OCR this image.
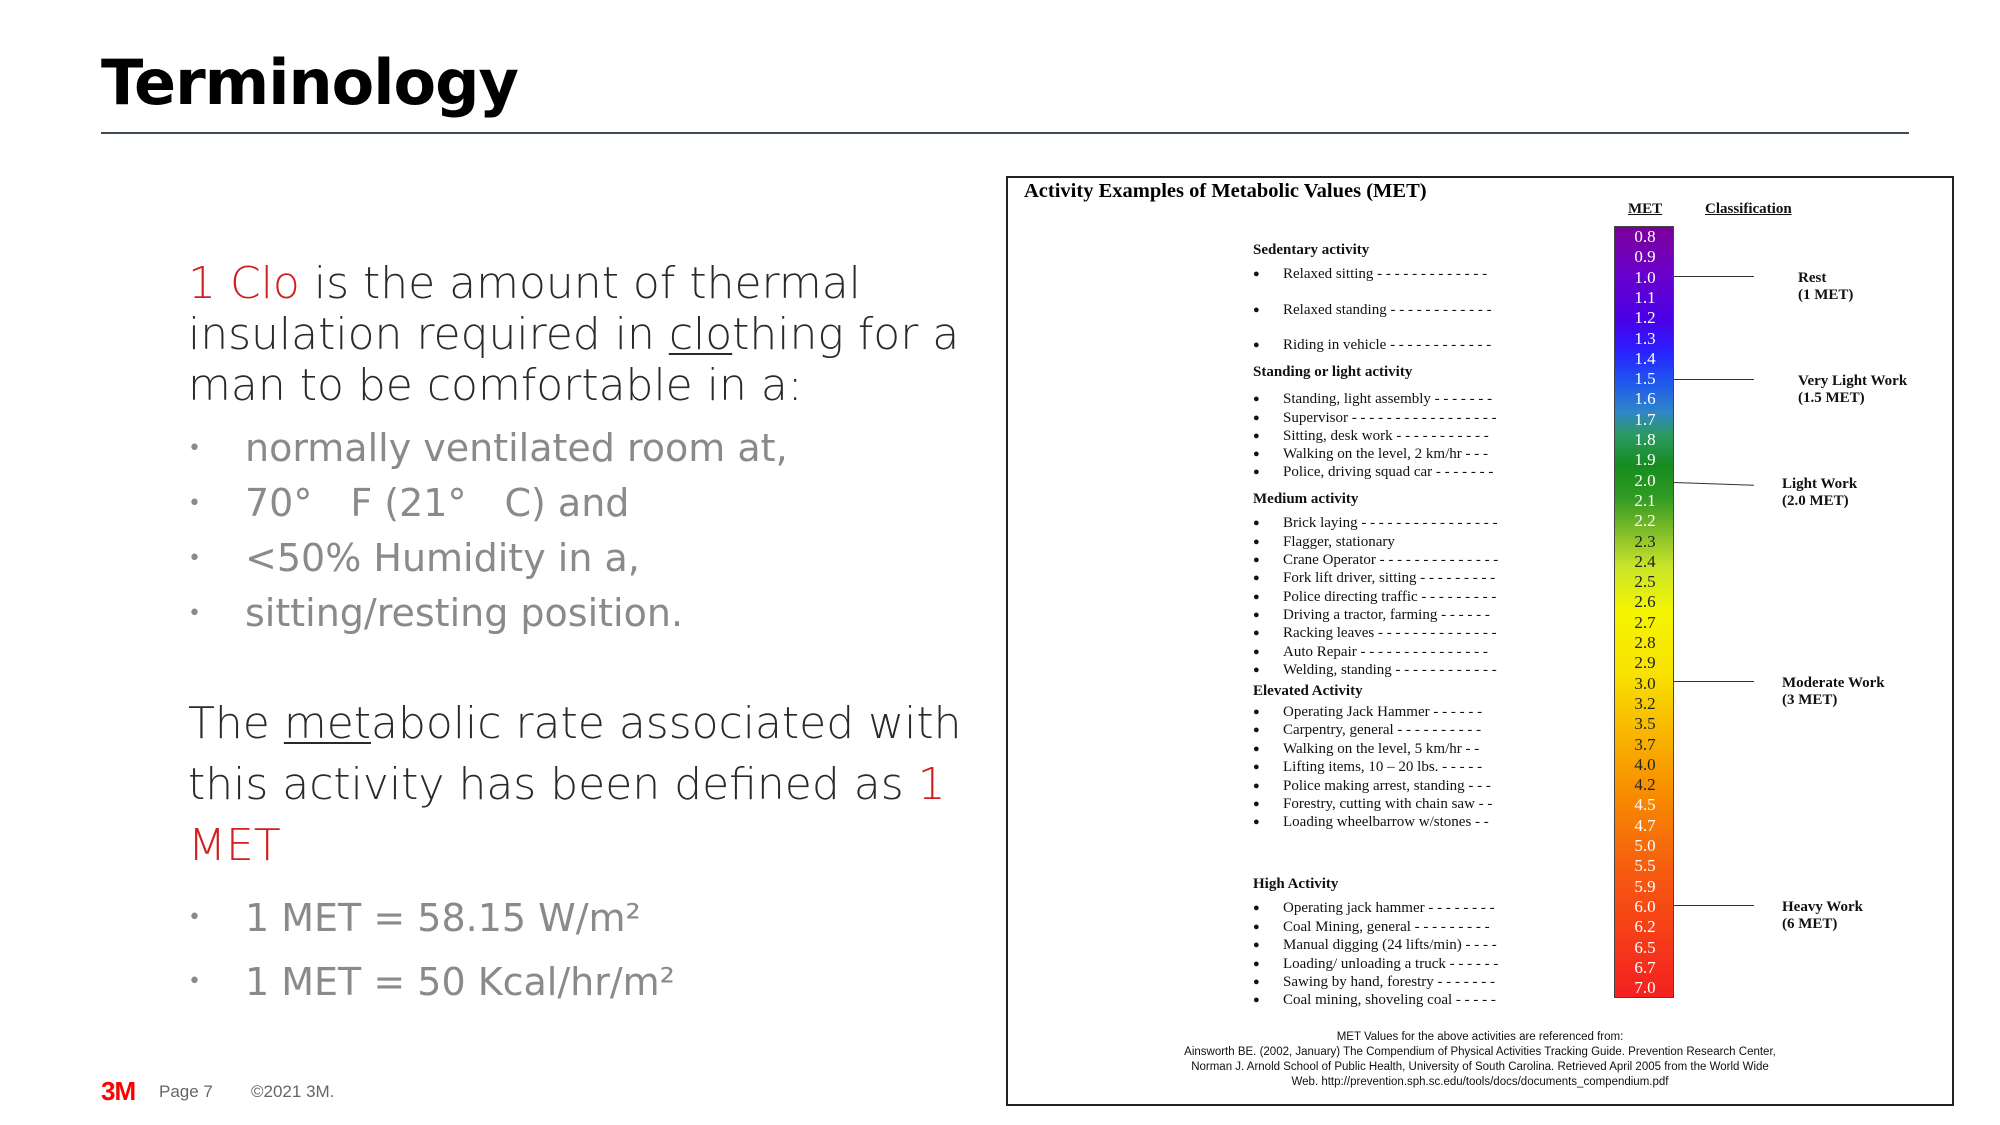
Terminology
1 Clo is the amount of thermal insulation required in clothing for a man to be comfortable in a:
• normally ventilated room at,
• 70° F (21° C) and
• <50% Humidity in a,
• sitting/resting position.
The metabolic rate associated with this activity has been defined as 1 MET
• 1 MET = 58.15 W/m²
• 1 MET = 50 Kcal/hr/m²
3M Page 7 ©2021 3M.
Activity Examples of Metabolic Values (MET)
MET	Classification
Sedentary activity
Standing or light activity
Medium activity
Elevated Activity
High Activity
0.8
0.9
1.0
1.1
1.2
1.3
1.4
1.5
1.6
1.7
1.8
1.9
2.0
2.1
2.2
2.3
2.4
2.5
2.6
2.7
2.8
2.9
3.0
3.2
3.5
3.7
4.0
4.2
4.5
4.7
5.0
5.5
5.9
6.0
6.2
6.5
6.7
7.0
● Relaxed sitting - - - - - - - - - - - - -
● Relaxed standing - - - - - - - - - - - -
● Riding in vehicle - - - - - - - - - - - -
● Standing, light assembly - - - - - - -
● Supervisor - - - - - - - - - - - - - - - - -
● Sitting, desk work - - - - - - - - - - -
● Walking on the level, 2 km/hr - - -
● Police, driving squad car - - - - - - -
● Brick laying - - - - - - - - - - - - - - - -
● Flagger, stationary
● Crane Operator - - - - - - - - - - - - - -
● Fork lift driver, sitting - - - - - - - - -
● Police directing traffic - - - - - - - - -
● Driving a tractor, farming - - - - - -
● Racking leaves - - - - - - - - - - - - - -
● Auto Repair - - - - - - - - - - - - - - -
● Welding, standing - - - - - - - - - - - -
● Operating Jack Hammer - - - - - -
● Carpentry, general - - - - - - - - - -
● Walking on the level, 5 km/hr - -
● Lifting items, 10 – 20 lbs. - - - - -
● Police making arrest, standing - - -
● Forestry, cutting with chain saw - -
● Loading wheelbarrow w/stones - -
● Operating jack hammer - - - - - - - -
● Coal Mining, general - - - - - - - - -
● Manual digging (24 lifts/min) - - - -
● Loading/ unloading a truck - - - - - -
● Sawing by hand, forestry - - - - - - -
● Coal mining, shoveling coal - - - - -
Rest
(1 MET)
Very Light Work
(1.5 MET)
Light Work
(2.0 MET)
Moderate Work
(3 MET)
Heavy Work
(6 MET)
MET Values for the above activities are referenced from:
Ainsworth BE. (2002, January) The Compendium of Physical Activities Tracking Guide. Prevention Research Center,
Norman J. Arnold School of Public Health, University of South Carolina. Retrieved April 2005 from the World Wide
Web. http://prevention.sph.sc.edu/tools/docs/documents_compendium.pdf
